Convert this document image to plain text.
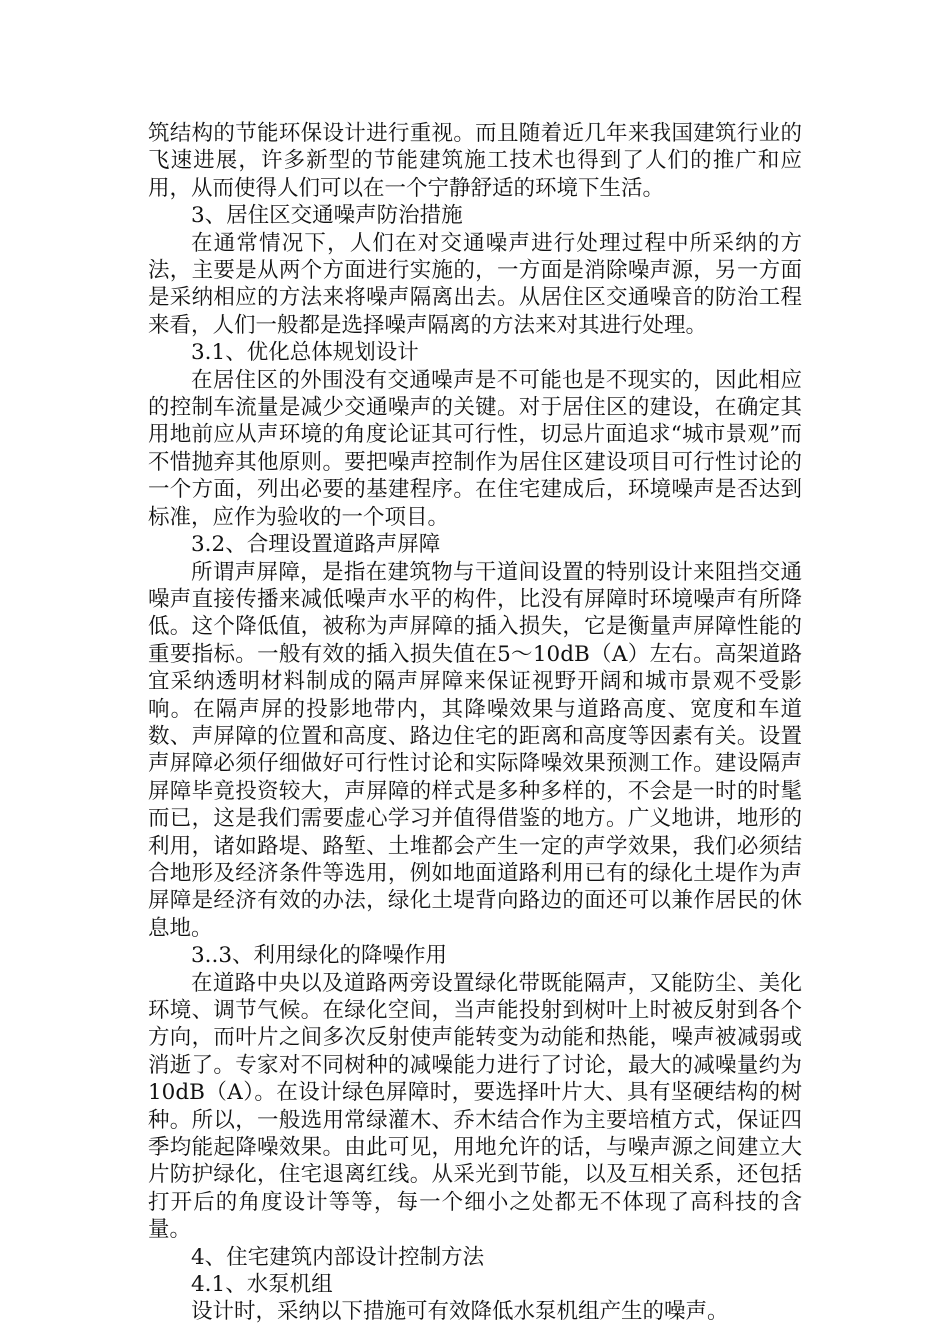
筑结构的节能环保设计进行重视。而且随着近几年来我国建筑行业的飞速进展，许多新型的节能建筑施工技术也得到了人们的推广和应用，从而使得人们可以在一个宁静舒适的环境下生活。

3、居住区交通噪声防治措施

在通常情况下，人们在对交通噪声进行处理过程中所采纳的方法，主要是从两个方面进行实施的，一方面是消除噪声源，另一方面是采纳相应的方法来将噪声隔离出去。从居住区交通噪音的防治工程来看，人们一般都是选择噪声隔离的方法来对其进行处理。

3.1、优化总体规划设计

在居住区的外围没有交通噪声是不可能也是不现实的，因此相应的控制车流量是减少交通噪声的关键。对于居住区的建设，在确定其用地前应从声环境的角度论证其可行性，切忌片面追求“城市景观”而不惜抛弃其他原则。要把噪声控制作为居住区建设项目可行性讨论的一个方面，列出必要的基建程序。在住宅建成后，环境噪声是否达到标准，应作为验收的一个项目。

3.2、合理设置道路声屏障

所谓声屏障，是指在建筑物与干道间设置的特别设计来阻挡交通噪声直接传播来减低噪声水平的构件，比没有屏障时环境噪声有所降低。这个降低值，被称为声屏障的插入损失，它是衡量声屏障性能的重要指标。一般有效的插入损失值在5～10dB（A）左右。高架道路宜采纳透明材料制成的隔声屏障来保证视野开阔和城市景观不受影响。在隔声屏的投影地带内，其降噪效果与道路高度、宽度和车道数、声屏障的位置和高度、路边住宅的距离和高度等因素有关。设置声屏障必须仔细做好可行性讨论和实际降噪效果预测工作。建设隔声屏障毕竟投资较大，声屏障的样式是多种多样的，不会是一时的时髦而已，这是我们需要虚心学习并值得借鉴的地方。广义地讲，地形的利用，诸如路堤、路堑、土堆都会产生一定的声学效果，我们必须结合地形及经济条件等选用，例如地面道路利用已有的绿化土堤作为声屏障是经济有效的办法，绿化土堤背向路边的面还可以兼作居民的休息地。

3..3、利用绿化的降噪作用

在道路中央以及道路两旁设置绿化带既能隔声，又能防尘、美化环境、调节气候。在绿化空间，当声能投射到树叶上时被反射到各个方向，而叶片之间多次反射使声能转变为动能和热能，噪声被减弱或消逝了。专家对不同树种的减噪能力进行了讨论，最大的减噪量约为10dB（A）。在设计绿色屏障时，要选择叶片大、具有坚硬结构的树种。所以，一般选用常绿灌木、乔木结合作为主要培植方式，保证四季均能起降噪效果。由此可见，用地允许的话，与噪声源之间建立大片防护绿化，住宅退离红线。从采光到节能，以及互相关系，还包括打开后的角度设计等等，每一个细小之处都无不体现了高科技的含量。

4、住宅建筑内部设计控制方法

4.1、水泵机组

设计时，采纳以下措施可有效降低水泵机组产生的噪声。
